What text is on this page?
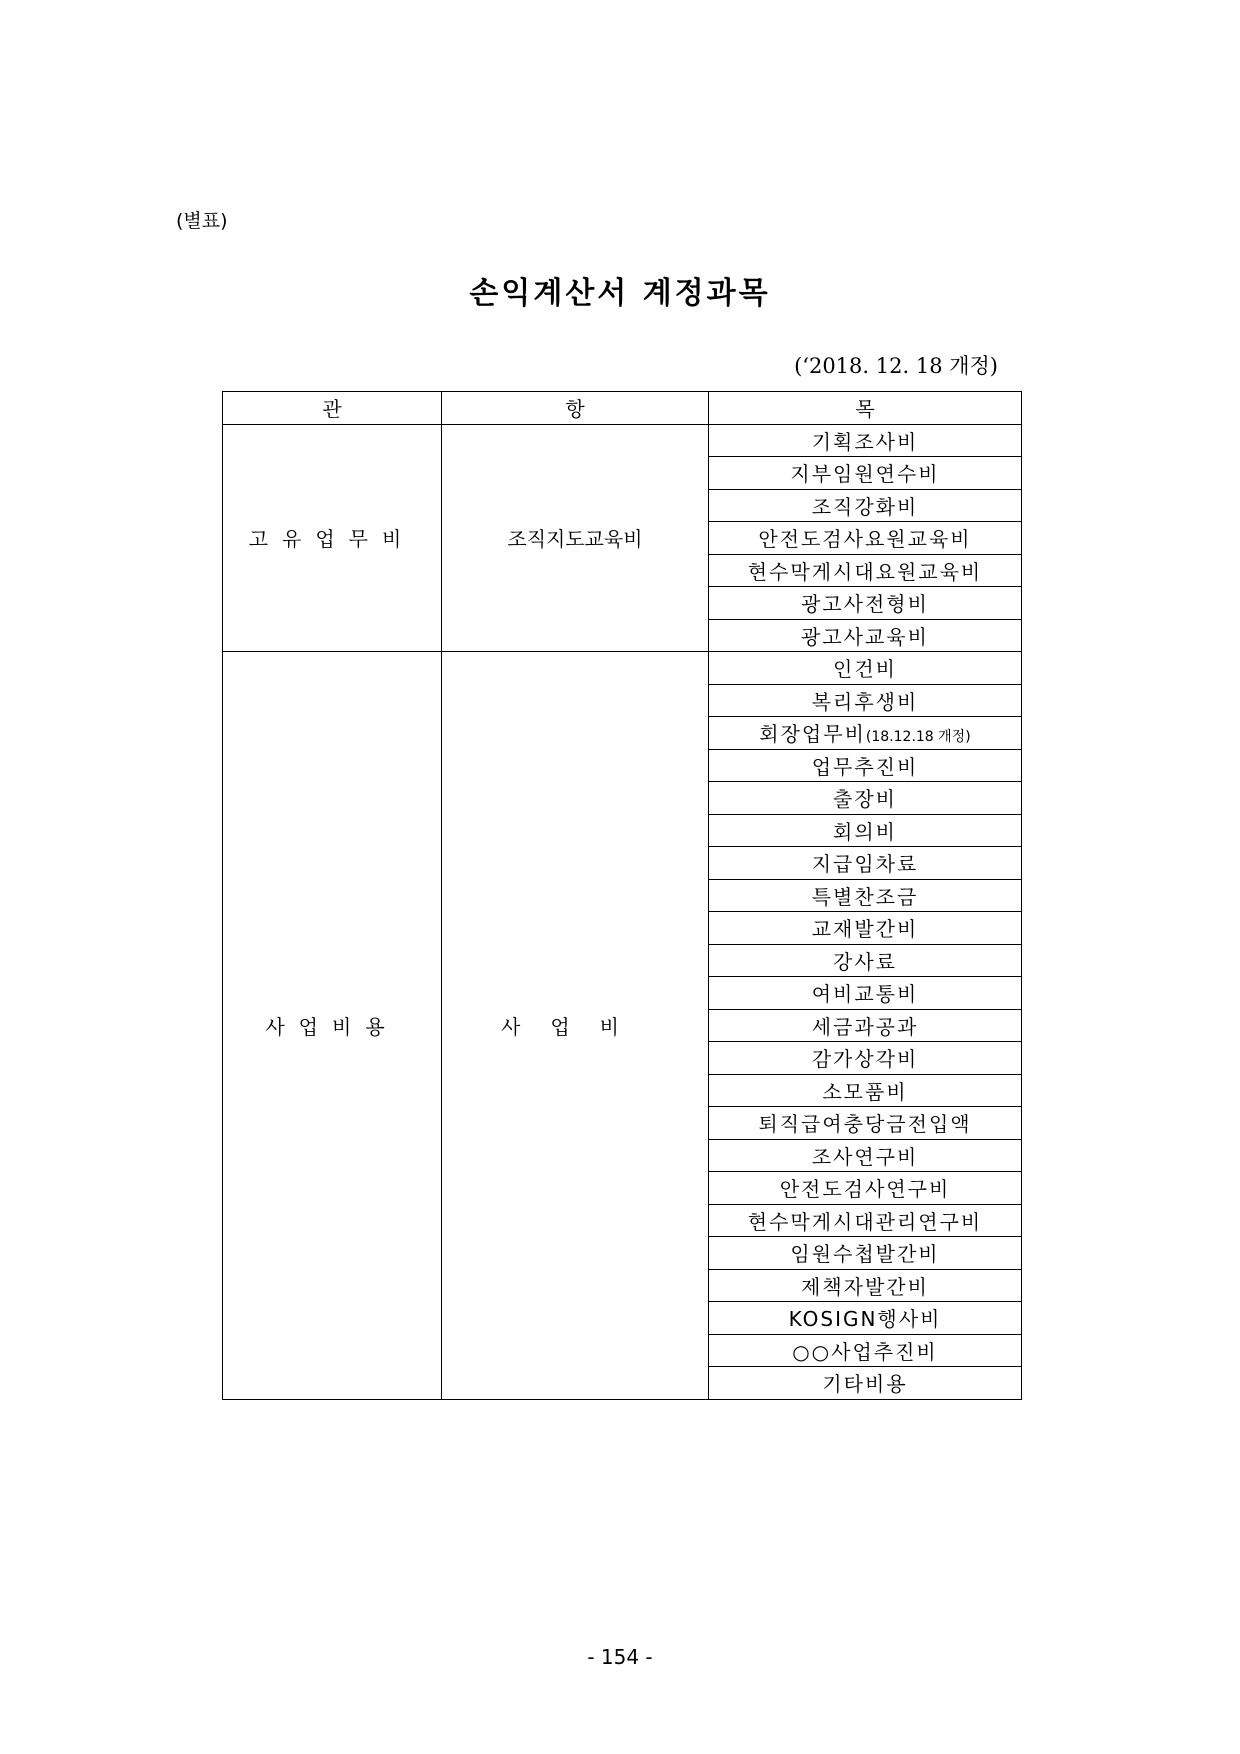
(별표)
손익계산서 계정과목
(‘2018. 12. 18 개정)
관	항	목
고유업무비	조직지도교육비	기획조사비
		지부임원연수비
		조직강화비
		안전도검사요원교육비
		현수막게시대요원교육비
		광고사전형비
		광고사교육비
사업비용	사업비	인건비
		복리후생비
		회장업무비(18.12.18 개정)
		업무추진비
		출장비
		회의비
		지급임차료
		특별찬조금
		교재발간비
		강사료
		여비교통비
		세금과공과
		감가상각비
		소모품비
		퇴직급여충당금전입액
		조사연구비
		안전도검사연구비
		현수막게시대관리연구비
		임원수첩발간비
		제책자발간비
		KOSIGN행사비
		○○사업추진비
		기타비용
- 154 -
